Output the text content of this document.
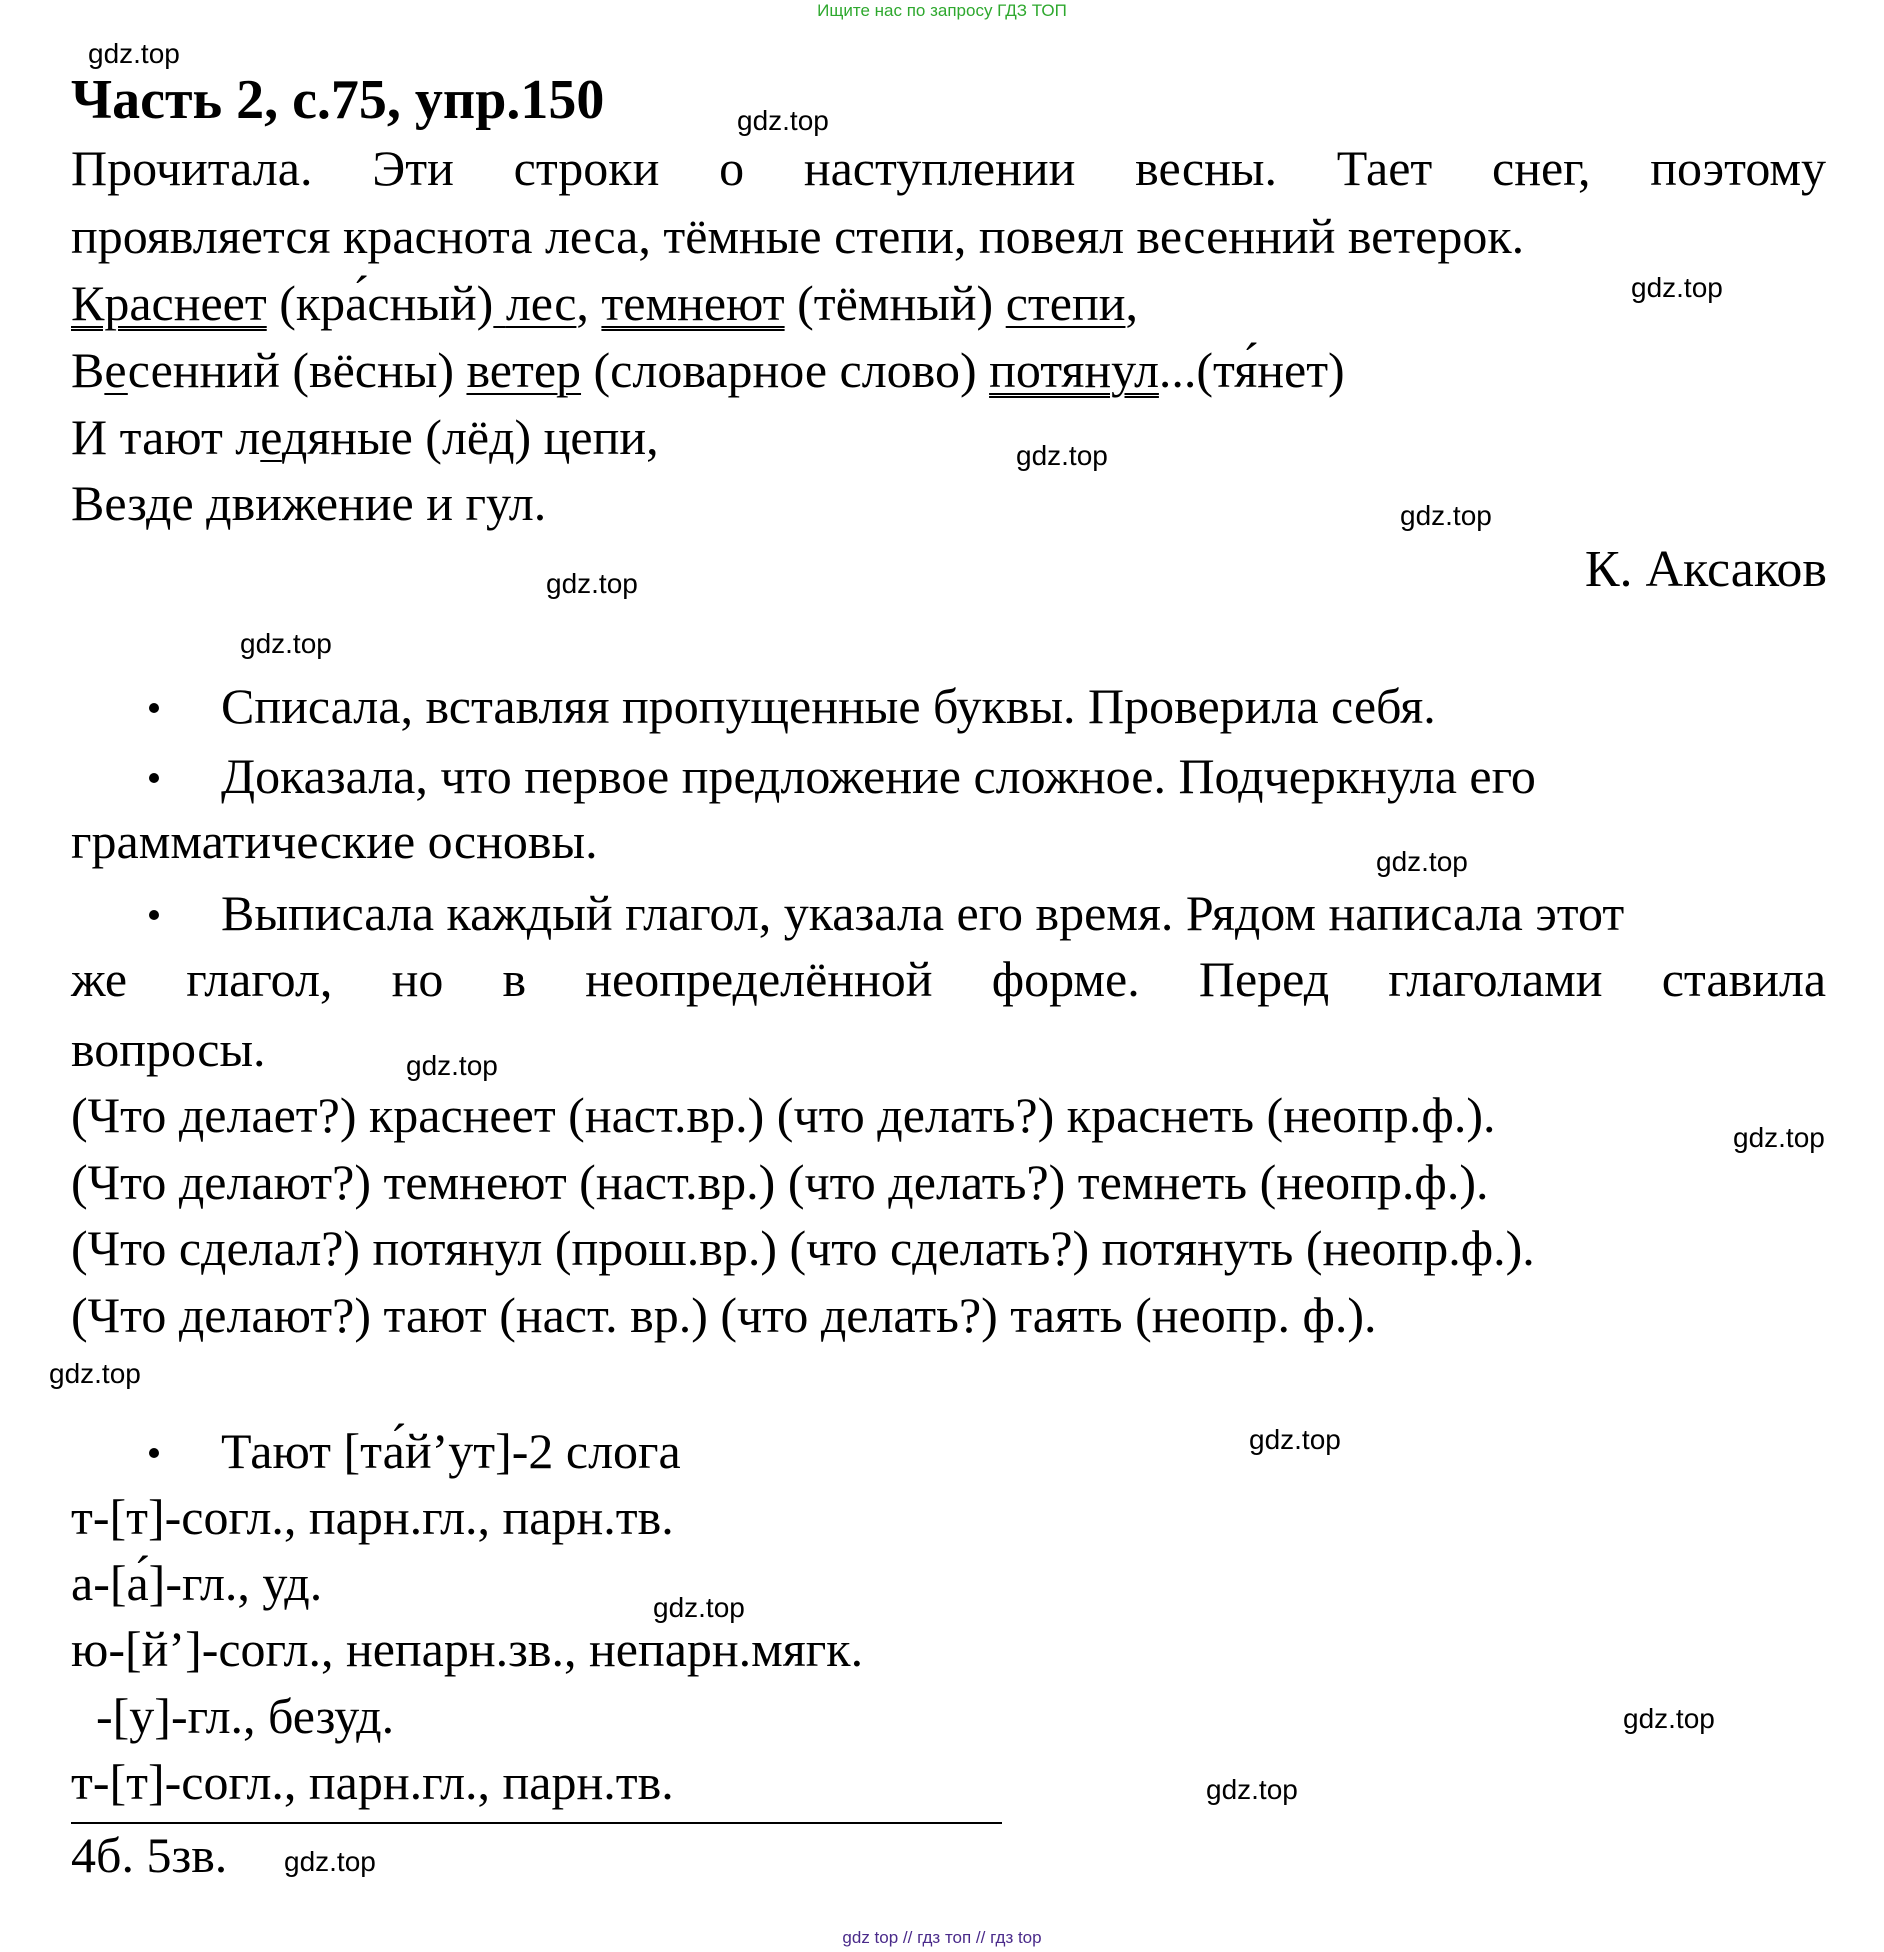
Ищите нас по запросу ГДЗ ТОП
Часть 2, с.75, упр.150
Прочитала. Эти строки о наступлении весны. Тает снег, поэтому
проявляется краснота леса, тёмные степи, повеял весенний ветерок.
Краснеет (кра́сный) лес, темнеют (тёмный) степи,
Весенний (вёсны) ветер (словарное слово) потянул...(тя́нет)
И тают ледяные (лёд) цепи,
Везде движение и гул.
К. Аксаков
Списала, вставляя пропущенные буквы. Проверила себя.
Доказала, что первое предложение сложное. Подчеркнула его
грамматические основы.
Выписала каждый глагол, указала его время. Рядом написала этот
же глагол, но в неопределённой форме. Перед глаголами ставила
вопросы.
(Что делает?) краснеет (наст.вр.) (что делать?) краснеть (неопр.ф.).
(Что делают?) темнеют (наст.вр.) (что делать?) темнеть (неопр.ф.).
(Что сделал?) потянул (прош.вр.) (что сделать?) потянуть (неопр.ф.).
(Что делают?) тают (наст. вр.) (что делать?) таять (неопр. ф.).
Тают [та́й’ут]-2 слога
т-[т]-согл., парн.гл., парн.тв.
а-[а́]-гл., уд.
ю-[й’]-согл., непарн.зв., непарн.мягк.
-[у]-гл., безуд.
т-[т]-согл., парн.гл., парн.тв.
4б. 5зв.
gdz.top
gdz.top
gdz.top
gdz.top
gdz.top
gdz.top
gdz.top
gdz.top
gdz.top
gdz.top
gdz.top
gdz.top
gdz.top
gdz.top
gdz.top
gdz.top
gdz top // гдз топ // гдз top
